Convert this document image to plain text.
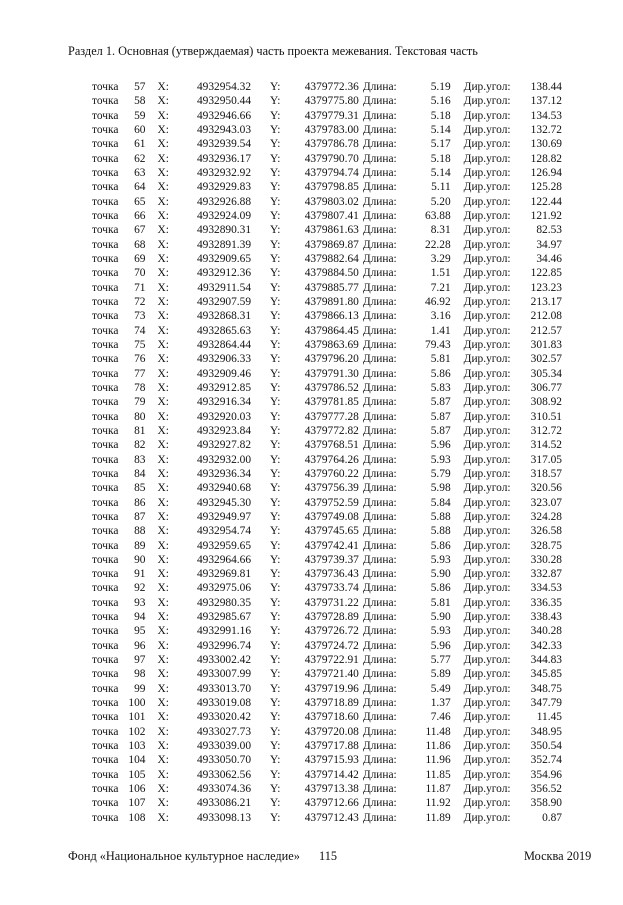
Раздел 1. Основная (утверждаемая) часть проекта межевания. Текстовая часть
точка	57	X:	4932954.32	Y:	4379772.36 Длина:	5.19	Дир.угол:	138.44
точка	58	X:	4932950.44	Y:	4379775.80 Длина:	5.16	Дир.угол:	137.12
точка	59	X:	4932946.66	Y:	4379779.31 Длина:	5.18	Дир.угол:	134.53
точка	60	X:	4932943.03	Y:	4379783.00 Длина:	5.14	Дир.угол:	132.72
точка	61	X:	4932939.54	Y:	4379786.78 Длина:	5.17	Дир.угол:	130.69
точка	62	X:	4932936.17	Y:	4379790.70 Длина:	5.18	Дир.угол:	128.82
точка	63	X:	4932932.92	Y:	4379794.74 Длина:	5.14	Дир.угол:	126.94
точка	64	X:	4932929.83	Y:	4379798.85 Длина:	5.11	Дир.угол:	125.28
точка	65	X:	4932926.88	Y:	4379803.02 Длина:	5.20	Дир.угол:	122.44
точка	66	X:	4932924.09	Y:	4379807.41 Длина:	63.88	Дир.угол:	121.92
точка	67	X:	4932890.31	Y:	4379861.63 Длина:	8.31	Дир.угол:	82.53
точка	68	X:	4932891.39	Y:	4379869.87 Длина:	22.28	Дир.угол:	34.97
точка	69	X:	4932909.65	Y:	4379882.64 Длина:	3.29	Дир.угол:	34.46
точка	70	X:	4932912.36	Y:	4379884.50 Длина:	1.51	Дир.угол:	122.85
точка	71	X:	4932911.54	Y:	4379885.77 Длина:	7.21	Дир.угол:	123.23
точка	72	X:	4932907.59	Y:	4379891.80 Длина:	46.92	Дир.угол:	213.17
точка	73	X:	4932868.31	Y:	4379866.13 Длина:	3.16	Дир.угол:	212.08
точка	74	X:	4932865.63	Y:	4379864.45 Длина:	1.41	Дир.угол:	212.57
точка	75	X:	4932864.44	Y:	4379863.69 Длина:	79.43	Дир.угол:	301.83
точка	76	X:	4932906.33	Y:	4379796.20 Длина:	5.81	Дир.угол:	302.57
точка	77	X:	4932909.46	Y:	4379791.30 Длина:	5.86	Дир.угол:	305.34
точка	78	X:	4932912.85	Y:	4379786.52 Длина:	5.83	Дир.угол:	306.77
точка	79	X:	4932916.34	Y:	4379781.85 Длина:	5.87	Дир.угол:	308.92
точка	80	X:	4932920.03	Y:	4379777.28 Длина:	5.87	Дир.угол:	310.51
точка	81	X:	4932923.84	Y:	4379772.82 Длина:	5.87	Дир.угол:	312.72
точка	82	X:	4932927.82	Y:	4379768.51 Длина:	5.96	Дир.угол:	314.52
точка	83	X:	4932932.00	Y:	4379764.26 Длина:	5.93	Дир.угол:	317.05
точка	84	X:	4932936.34	Y:	4379760.22 Длина:	5.79	Дир.угол:	318.57
точка	85	X:	4932940.68	Y:	4379756.39 Длина:	5.98	Дир.угол:	320.56
точка	86	X:	4932945.30	Y:	4379752.59 Длина:	5.84	Дир.угол:	323.07
точка	87	X:	4932949.97	Y:	4379749.08 Длина:	5.88	Дир.угол:	324.28
точка	88	X:	4932954.74	Y:	4379745.65 Длина:	5.88	Дир.угол:	326.58
точка	89	X:	4932959.65	Y:	4379742.41 Длина:	5.86	Дир.угол:	328.75
точка	90	X:	4932964.66	Y:	4379739.37 Длина:	5.93	Дир.угол:	330.28
точка	91	X:	4932969.81	Y:	4379736.43 Длина:	5.90	Дир.угол:	332.87
точка	92	X:	4932975.06	Y:	4379733.74 Длина:	5.86	Дир.угол:	334.53
точка	93	X:	4932980.35	Y:	4379731.22 Длина:	5.81	Дир.угол:	336.35
точка	94	X:	4932985.67	Y:	4379728.89 Длина:	5.90	Дир.угол:	338.43
точка	95	X:	4932991.16	Y:	4379726.72 Длина:	5.93	Дир.угол:	340.28
точка	96	X:	4932996.74	Y:	4379724.72 Длина:	5.96	Дир.угол:	342.33
точка	97	X:	4933002.42	Y:	4379722.91 Длина:	5.77	Дир.угол:	344.83
точка	98	X:	4933007.99	Y:	4379721.40 Длина:	5.89	Дир.угол:	345.85
точка	99	X:	4933013.70	Y:	4379719.96 Длина:	5.49	Дир.угол:	348.75
точка 100	X:	4933019.08	Y:	4379718.89 Длина:	1.37	Дир.угол:	347.79
точка 101	X:	4933020.42	Y:	4379718.60 Длина:	7.46	Дир.угол:	11.45
точка 102	X:	4933027.73	Y:	4379720.08 Длина:	11.48	Дир.угол:	348.95
точка 103	X:	4933039.00	Y:	4379717.88 Длина:	11.86	Дир.угол:	350.54
точка 104	X:	4933050.70	Y:	4379715.93 Длина:	11.96	Дир.угол:	352.74
точка 105	X:	4933062.56	Y:	4379714.42 Длина:	11.85	Дир.угол:	354.96
точка 106	X:	4933074.36	Y:	4379713.38 Длина:	11.87	Дир.угол:	356.52
точка 107	X:	4933086.21	Y:	4379712.66 Длина:	11.92	Дир.угол:	358.90
точка 108	X:	4933098.13	Y:	4379712.43 Длина:	11.89	Дир.угол:	0.87
Фонд «Национальное культурное наследие» 115	Москва 2019
